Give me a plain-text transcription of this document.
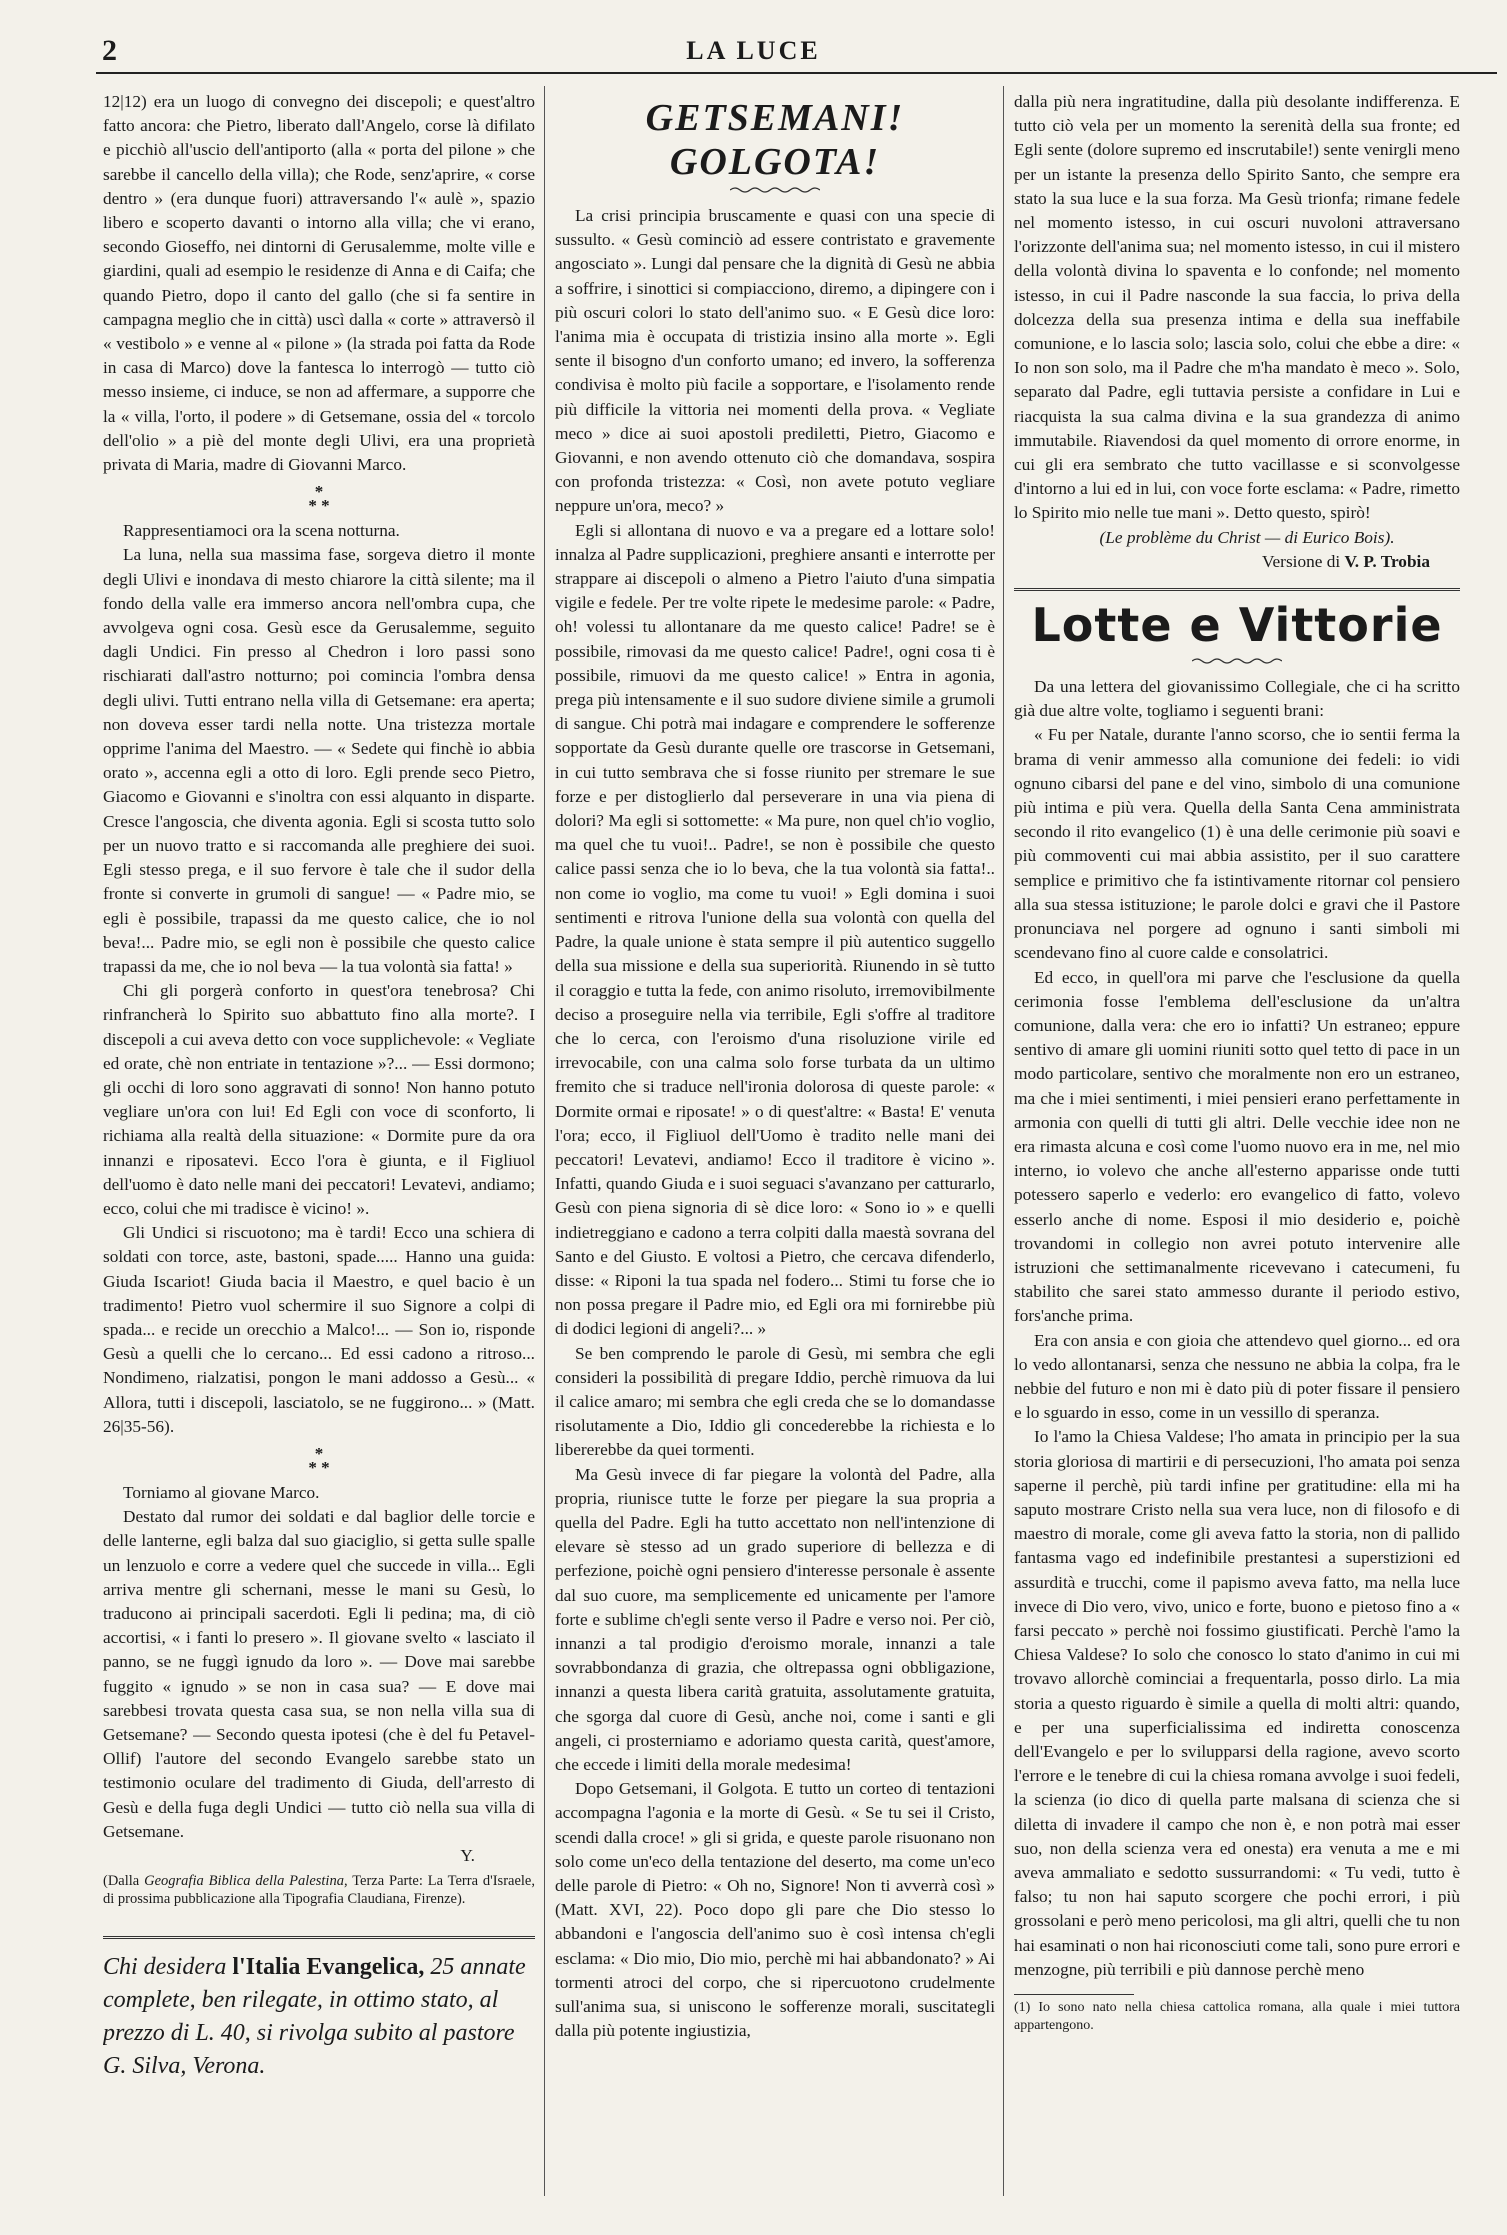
2	LA LUCE

12|12) era un luogo di convegno dei discepoli; e quest'altro fatto ancora: che Pietro, liberato dall'Angelo, corse là difilato e picchiò all'uscio dell'antiporto (alla « porta del pilone » che sarebbe il cancello della villa); che Rode, senz'aprire, « corse dentro » (era dunque fuori) attraversando l'« aulè », spazio libero e scoperto davanti o intorno alla villa; che vi erano, secondo Gioseffo, nei dintorni di Gerusalemme, molte ville e giardini, quali ad esempio le residenze di Anna e di Caifa; che quando Pietro, dopo il canto del gallo (che si fa sentire in campagna meglio che in città) uscì dalla « corte » attraversò il « vestibolo » e venne al « pilone » (la strada poi fatta da Rode in casa di Marco) dove la fantesca lo interrogò — tutto ciò messo insieme, ci induce, se non ad affermare, a supporre che la « villa, l'orto, il podere » di Getsemane, ossia del « torcolo dell'olio » a piè del monte degli Ulivi, era una proprietà privata di Maria, madre di Giovanni Marco.

*
* *

Rappresentiamoci ora la scena notturna.

La luna, nella sua massima fase, sorgeva dietro il monte degli Ulivi e inondava di mesto chiarore la città silente; ma il fondo della valle era immerso ancora nell'ombra cupa, che avvolgeva ogni cosa. Gesù esce da Gerusalemme, seguito dagli Undici. Fin presso al Chedron i loro passi sono rischiarati dall'astro notturno; poi comincia l'ombra densa degli ulivi. Tutti entrano nella villa di Getsemane: era aperta; non doveva esser tardi nella notte. Una tristezza mortale opprime l'anima del Maestro. — « Sedete qui finchè io abbia orato », accenna egli a otto di loro. Egli prende seco Pietro, Giacomo e Giovanni e s'inoltra con essi alquanto in disparte. Cresce l'angoscia, che diventa agonia. Egli si scosta tutto solo per un nuovo tratto e si raccomanda alle preghiere dei suoi. Egli stesso prega, e il suo fervore è tale che il sudor della fronte si converte in grumoli di sangue! — « Padre mio, se egli è possibile, trapassi da me questo calice, che io nol beva!... Padre mio, se egli non è possibile che questo calice trapassi da me, che io nol beva — la tua volontà sia fatta! »

Chi gli porgerà conforto in quest'ora tenebrosa? Chi rinfrancherà lo Spirito suo abbattuto fino alla morte?. I discepoli a cui aveva detto con voce supplichevole: « Vegliate ed orate, chè non entriate in tentazione »?... — Essi dormono; gli occhi di loro sono aggravati di sonno! Non hanno potuto vegliare un'ora con lui! Ed Egli con voce di sconforto, li richiama alla realtà della situazione: « Dormite pure da ora innanzi e riposatevi. Ecco l'ora è giunta, e il Figliuol dell'uomo è dato nelle mani dei peccatori! Levatevi, andiamo; ecco, colui che mi tradisce è vicino! ».

Gli Undici si riscuotono; ma è tardi! Ecco una schiera di soldati con torce, aste, bastoni, spade..... Hanno una guida: Giuda Iscariot! Giuda bacia il Maestro, e quel bacio è un tradimento! Pietro vuol schermire il suo Signore a colpi di spada... e recide un orecchio a Malco!... — Son io, risponde Gesù a quelli che lo cercano... Ed essi cadono a ritroso... Nondimeno, rialzatisi, pongon le mani addosso a Gesù... « Allora, tutti i discepoli, lasciatolo, se ne fuggirono... » (Matt. 26|35-56).

*
* *

Torniamo al giovane Marco.

Destato dal rumor dei soldati e dal baglior delle torcie e delle lanterne, egli balza dal suo giaciglio, si getta sulle spalle un lenzuolo e corre a vedere quel che succede in villa... Egli arriva mentre gli schernani, messe le mani su Gesù, lo traducono ai principali sacerdoti. Egli li pedina; ma, di ciò accortisi, « i fanti lo presero ». Il giovane svelto « lasciato il panno, se ne fuggì ignudo da loro ». — Dove mai sarebbe fuggito « ignudo » se non in casa sua? — E dove mai sarebbesi trovata questa casa sua, se non nella villa sua di Getsemane? — Secondo questa ipotesi (che è del fu Petavel-Ollif) l'autore del secondo Evangelo sarebbe stato un testimonio oculare del tradimento di Giuda, dell'arresto di Gesù e della fuga degli Undici — tutto ciò nella sua villa di Getsemane.

Y.

(Dalla Geografia Biblica della Palestina, Terza Parte: La Terra d'Israele, di prossima pubblicazione alla Tipografia Claudiana, Firenze).

Chi desidera l'Italia Evangelica, 25 annate complete, ben rilegate, in ottimo stato, al prezzo di L. 40, si rivolga subito al pastore G. Silva, Verona.
GETSEMANI! GOLGOTA!

La crisi principia bruscamente e quasi con una specie di sussulto. « Gesù cominciò ad essere contristato e gravemente angosciato ». Lungi dal pensare che la dignità di Gesù ne abbia a soffrire, i sinottici si compiacciono, diremo, a dipingere con i più oscuri colori lo stato dell'animo suo. « E Gesù dice loro: l'anima mia è occupata di tristizia insino alla morte ». Egli sente il bisogno d'un conforto umano; ed invero, la sofferenza condivisa è molto più facile a sopportare, e l'isolamento rende più difficile la vittoria nei momenti della prova. « Vegliate meco » dice ai suoi apostoli prediletti, Pietro, Giacomo e Giovanni, e non avendo ottenuto ciò che domandava, sospira con profonda tristezza: « Così, non avete potuto vegliare neppure un'ora, meco? »

Egli si allontana di nuovo e va a pregare ed a lottare solo! innalza al Padre supplicazioni, preghiere ansanti e interrotte per strappare ai discepoli o almeno a Pietro l'aiuto d'una simpatia vigile e fedele. Per tre volte ripete le medesime parole: « Padre, oh! volessi tu allontanare da me questo calice! Padre! se è possibile, rimovasi da me questo calice! Padre!, ogni cosa ti è possibile, rimuovi da me questo calice! » Entra in agonia, prega più intensamente e il suo sudore diviene simile a grumoli di sangue. Chi potrà mai indagare e comprendere le sofferenze sopportate da Gesù durante quelle ore trascorse in Getsemani, in cui tutto sembrava che si fosse riunito per stremare le sue forze e per distoglierlo dal perseverare in una via piena di dolori? Ma egli si sottomette: « Ma pure, non quel ch'io voglio, ma quel che tu vuoi!.. Padre!, se non è possibile che questo calice passi senza che io lo beva, che la tua volontà sia fatta!.. non come io voglio, ma come tu vuoi! » Egli domina i suoi sentimenti e ritrova l'unione della sua volontà con quella del Padre, la quale unione è stata sempre il più autentico suggello della sua missione e della sua superiorità. Riunendo in sè tutto il coraggio e tutta la fede, con animo risoluto, irremovibilmente deciso a proseguire nella via terribile, Egli s'offre al traditore che lo cerca, con l'eroismo d'una risoluzione virile ed irrevocabile, con una calma solo forse turbata da un ultimo fremito che si traduce nell'ironia dolorosa di queste parole: « Dormite ormai e riposate! » o di quest'altre: « Basta! E' venuta l'ora; ecco, il Figliuol dell'Uomo è tradito nelle mani dei peccatori! Levatevi, andiamo! Ecco il traditore è vicino ». Infatti, quando Giuda e i suoi seguaci s'avanzano per catturarlo, Gesù con piena signoria di sè dice loro: « Sono io » e quelli indietreggiano e cadono a terra colpiti dalla maestà sovrana del Santo e del Giusto. E voltosi a Pietro, che cercava difenderlo, disse: « Riponi la tua spada nel fodero... Stimi tu forse che io non possa pregare il Padre mio, ed Egli ora mi fornirebbe più di dodici legioni di angeli?... »

Se ben comprendo le parole di Gesù, mi sembra che egli consideri la possibilità di pregare Iddio, perchè rimuova da lui il calice amaro; mi sembra che egli creda che se lo domandasse risolutamente a Dio, Iddio gli concederebbe la richiesta e lo libererebbe da quei tormenti.

Ma Gesù invece di far piegare la volontà del Padre, alla propria, riunisce tutte le forze per piegare la sua propria a quella del Padre. Egli ha tutto accettato non nell'intenzione di elevare sè stesso ad un grado superiore di bellezza e di perfezione, poichè ogni pensiero d'interesse personale è assente dal suo cuore, ma semplicemente ed unicamente per l'amore forte e sublime ch'egli sente verso il Padre e verso noi. Per ciò, innanzi a tal prodigio d'eroismo morale, innanzi a tale sovrabbondanza di grazia, che oltrepassa ogni obbligazione, innanzi a questa libera carità gratuita, assolutamente gratuita, che sgorga dal cuore di Gesù, anche noi, come i santi e gli angeli, ci prosterniamo e adoriamo questa carità, quest'amore, che eccede i limiti della morale medesima!

Dopo Getsemani, il Golgota. E tutto un corteo di tentazioni accompagna l'agonia e la morte di Gesù. « Se tu sei il Cristo, scendi dalla croce! » gli si grida, e queste parole risuonano non solo come un'eco della tentazione del deserto, ma come un'eco delle parole di Pietro: « Oh no, Signore! Non ti avverrà così » (Matt. XVI, 22). Poco dopo gli pare che Dio stesso lo abbandoni e l'angoscia dell'animo suo è così intensa ch'egli esclama: « Dio mio, Dio mio, perchè mi hai abbandonato? » Ai tormenti atroci del corpo, che si ripercuotono crudelmente sull'anima sua, si uniscono le sofferenze morali, suscitategli dalla più potente ingiustizia,

dalla più nera ingratitudine, dalla più desolante indifferenza. E tutto ciò vela per un momento la serenità della sua fronte; ed Egli sente (dolore supremo ed inscrutabile!) sente venirgli meno per un istante la presenza dello Spirito Santo, che sempre era stato la sua luce e la sua forza. Ma Gesù trionfa; rimane fedele nel momento istesso, in cui oscuri nuvoloni attraversano l'orizzonte dell'anima sua; nel momento istesso, in cui il mistero della volontà divina lo spaventa e lo confonde; nel momento istesso, in cui il Padre nasconde la sua faccia, lo priva della dolcezza della sua presenza intima e della sua ineffabile comunione, e lo lascia solo; lascia solo, colui che ebbe a dire: « Io non son solo, ma il Padre che m'ha mandato è meco ». Solo, separato dal Padre, egli tuttavia persiste a confidare in Lui e riacquista la sua calma divina e la sua grandezza di animo immutabile. Riavendosi da quel momento di orrore enorme, in cui gli era sembrato che tutto vacillasse e si sconvolgesse d'intorno a lui ed in lui, con voce forte esclama: « Padre, rimetto lo Spirito mio nelle tue mani ». Detto questo, spirò!

(Le problème du Christ — di Eurico Bois).

Versione di V. P. Trobia

Lotte e Vittorie

Da una lettera del giovanissimo Collegiale, che ci ha scritto già due altre volte, togliamo i seguenti brani:

« Fu per Natale, durante l'anno scorso, che io sentii ferma la brama di venir ammesso alla comunione dei fedeli: io vidi ognuno cibarsi del pane e del vino, simbolo di una comunione più intima e più vera. Quella della Santa Cena amministrata secondo il rito evangelico (1) è una delle cerimonie più soavi e più commoventi cui mai abbia assistito, per il suo carattere semplice e primitivo che fa istintivamente ritornar col pensiero alla sua stessa istituzione; le parole dolci e gravi che il Pastore pronunciava nel porgere ad ognuno i santi simboli mi scendevano fino al cuore calde e consolatrici.

Ed ecco, in quell'ora mi parve che l'esclusione da quella cerimonia fosse l'emblema dell'esclusione da un'altra comunione, dalla vera: che ero io infatti? Un estraneo; eppure sentivo di amare gli uomini riuniti sotto quel tetto di pace in un modo particolare, sentivo che moralmente non ero un estraneo, ma che i miei sentimenti, i miei pensieri erano perfettamente in armonia con quelli di tutti gli altri. Delle vecchie idee non ne era rimasta alcuna e così come l'uomo nuovo era in me, nel mio interno, io volevo che anche all'esterno apparisse onde tutti potessero saperlo e vederlo: ero evangelico di fatto, volevo esserlo anche di nome. Esposi il mio desiderio e, poichè trovandomi in collegio non avrei potuto intervenire alle istruzioni che settimanalmente ricevevano i catecumeni, fu stabilito che sarei stato ammesso durante il periodo estivo, fors'anche prima.

Era con ansia e con gioia che attendevo quel giorno... ed ora lo vedo allontanarsi, senza che nessuno ne abbia la colpa, fra le nebbie del futuro e non mi è dato più di poter fissare il pensiero e lo sguardo in esso, come in un vessillo di speranza.

Io l'amo la Chiesa Valdese; l'ho amata in principio per la sua storia gloriosa di martirii e di persecuzioni, l'ho amata poi senza saperne il perchè, più tardi infine per gratitudine: ella mi ha saputo mostrare Cristo nella sua vera luce, non di filosofo e di maestro di morale, come gli aveva fatto la storia, non di pallido fantasma vago ed indefinibile prestantesi a superstizioni ed assurdità e trucchi, come il papismo aveva fatto, ma nella luce invece di Dio vero, vivo, unico e forte, buono e pietoso fino a « farsi peccato » perchè noi fossimo giustificati. Perchè l'amo la Chiesa Valdese? Io solo che conosco lo stato d'animo in cui mi trovavo allorchè cominciai a frequentarla, posso dirlo. La mia storia a questo riguardo è simile a quella di molti altri: quando, e per una superficialissima ed indiretta conoscenza dell'Evangelo e per lo svilupparsi della ragione, avevo scorto l'errore e le tenebre di cui la chiesa romana avvolge i suoi fedeli, la scienza (io dico di quella parte malsana di scienza che si diletta di invadere il campo che non è, e non potrà mai esser suo, non della scienza vera ed onesta) era venuta a me e mi aveva ammaliato e sedotto sussurrandomi: « Tu vedi, tutto è falso; tu non hai saputo scorgere che pochi errori, i più grossolani e però meno pericolosi, ma gli altri, quelli che tu non hai esaminati o non hai riconosciuti come tali, sono pure errori e menzogne, più terribili e più dannose perchè meno

(1) Io sono nato nella chiesa cattolica romana, alla quale i miei tuttora appartengono.
